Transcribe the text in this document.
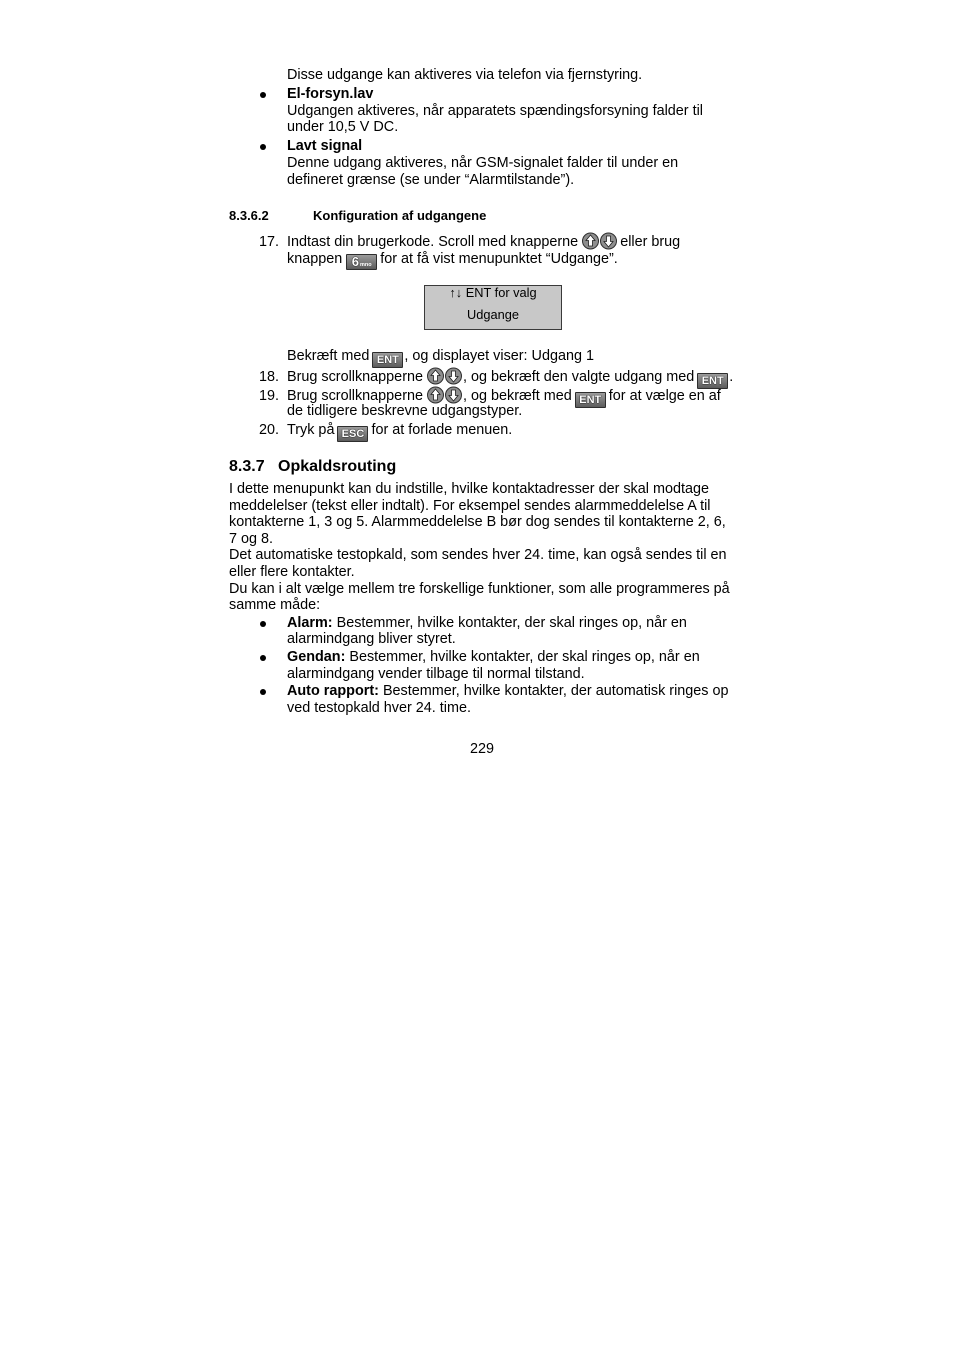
Disse udgange kan aktiveres via telefon via fjernstyring.
El-forsyn.lav
Udgangen aktiveres, når apparatets spændingsforsyning falder til
under 10,5 V DC.
Lavt signal
Denne udgang aktiveres, når GSM-signalet falder til under en
defineret grænse (se under “Alarmtilstande”).
8.3.6.2	Konfiguration af udgangene
17. Indtast din brugerkode. Scroll med knapperne	eller brug
knappen 6mno for at få vist menupunktet “Udgange”.
↑↓ ENT for valg
Udgange
Bekræft med ENT , og displayet viser: Udgang 1
18. Brug scrollknapperne	, og bekræft den valgte udgang med ENT .
19. Brug scrollknapperne	, og bekræft med ENT for at vælge en af
de tidligere beskrevne udgangstyper.
20. Tryk på ESC for at forlade menuen.
8.3.7 Opkaldsrouting
I dette menupunkt kan du indstille, hvilke kontaktadresser der skal modtage
meddelelser (tekst eller indtalt). For eksempel sendes alarmmeddelelse A til
kontakterne 1, 3 og 5. Alarmmeddelelse B bør dog sendes til kontakterne 2, 6,
7 og 8.
Det automatiske testopkald, som sendes hver 24. time, kan også sendes til en
eller flere kontakter.
Du kan i alt vælge mellem tre forskellige funktioner, som alle programmeres på
samme måde:
Alarm: Bestemmer, hvilke kontakter, der skal ringes op, når en
alarmindgang bliver styret.
Gendan: Bestemmer, hvilke kontakter, der skal ringes op, når en
alarmindgang vender tilbage til normal tilstand.
Auto rapport: Bestemmer, hvilke kontakter, der automatisk ringes op
ved testopkald hver 24. time.
229
